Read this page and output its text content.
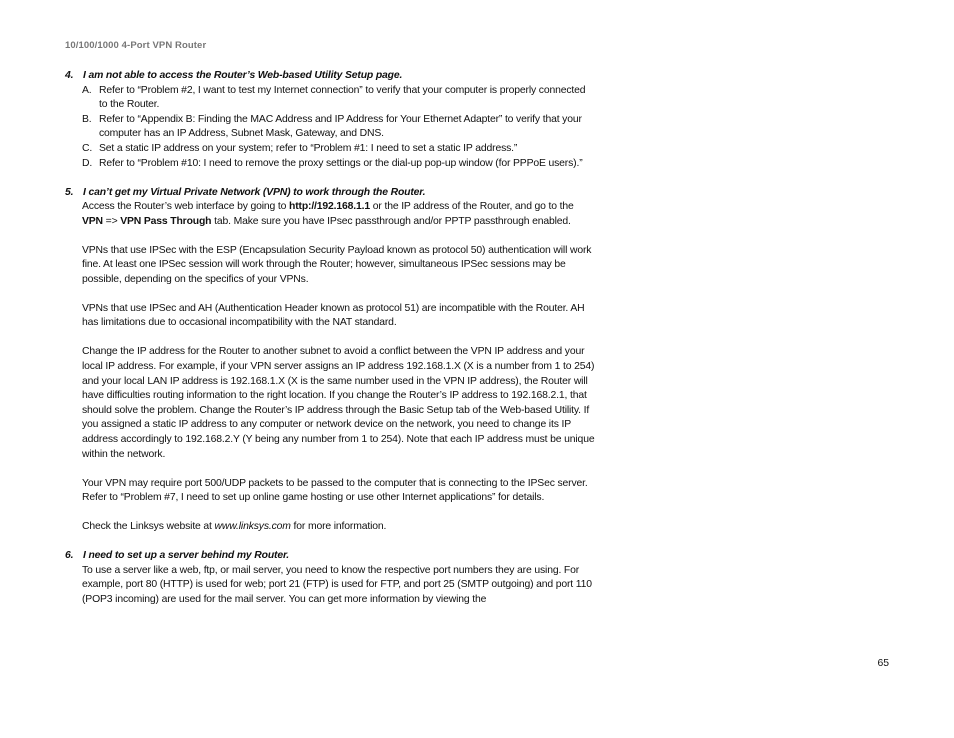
10/100/1000 4-Port VPN Router
4. I am not able to access the Router’s Web-based Utility Setup page.
A. Refer to “Problem #2, I want to test my Internet connection” to verify that your computer is properly connected to the Router.
B. Refer to “Appendix B: Finding the MAC Address and IP Address for Your Ethernet Adapter” to verify that your computer has an IP Address, Subnet Mask, Gateway, and DNS.
C. Set a static IP address on your system; refer to “Problem #1: I need to set a static IP address.”
D. Refer to “Problem #10: I need to remove the proxy settings or the dial-up pop-up window (for PPPoE users).”
5. I can’t get my Virtual Private Network (VPN) to work through the Router.

Access the Router’s web interface by going to http://192.168.1.1 or the IP address of the Router, and go to the VPN => VPN Pass Through tab. Make sure you have IPsec passthrough and/or PPTP passthrough enabled.

VPNs that use IPSec with the ESP (Encapsulation Security Payload known as protocol 50) authentication will work fine. At least one IPSec session will work through the Router; however, simultaneous IPSec sessions may be possible, depending on the specifics of your VPNs.

VPNs that use IPSec and AH (Authentication Header known as protocol 51) are incompatible with the Router. AH has limitations due to occasional incompatibility with the NAT standard.

Change the IP address for the Router to another subnet to avoid a conflict between the VPN IP address and your local IP address. For example, if your VPN server assigns an IP address 192.168.1.X (X is a number from 1 to 254) and your local LAN IP address is 192.168.1.X (X is the same number used in the VPN IP address), the Router will have difficulties routing information to the right location. If you change the Router’s IP address to 192.168.2.1, that should solve the problem. Change the Router’s IP address through the Basic Setup tab of the Web-based Utility. If you assigned a static IP address to any computer or network device on the network, you need to change its IP address accordingly to 192.168.2.Y (Y being any number from 1 to 254). Note that each IP address must be unique within the network.

Your VPN may require port 500/UDP packets to be passed to the computer that is connecting to the IPSec server. Refer to “Problem #7, I need to set up online game hosting or use other Internet applications” for details.

Check the Linksys website at www.linksys.com for more information.

6. I need to set up a server behind my Router.

To use a server like a web, ftp, or mail server, you need to know the respective port numbers they are using. For example, port 80 (HTTP) is used for web; port 21 (FTP) is used for FTP, and port 25 (SMTP outgoing) and port 110 (POP3 incoming) are used for the mail server. You can get more information by viewing the

65
